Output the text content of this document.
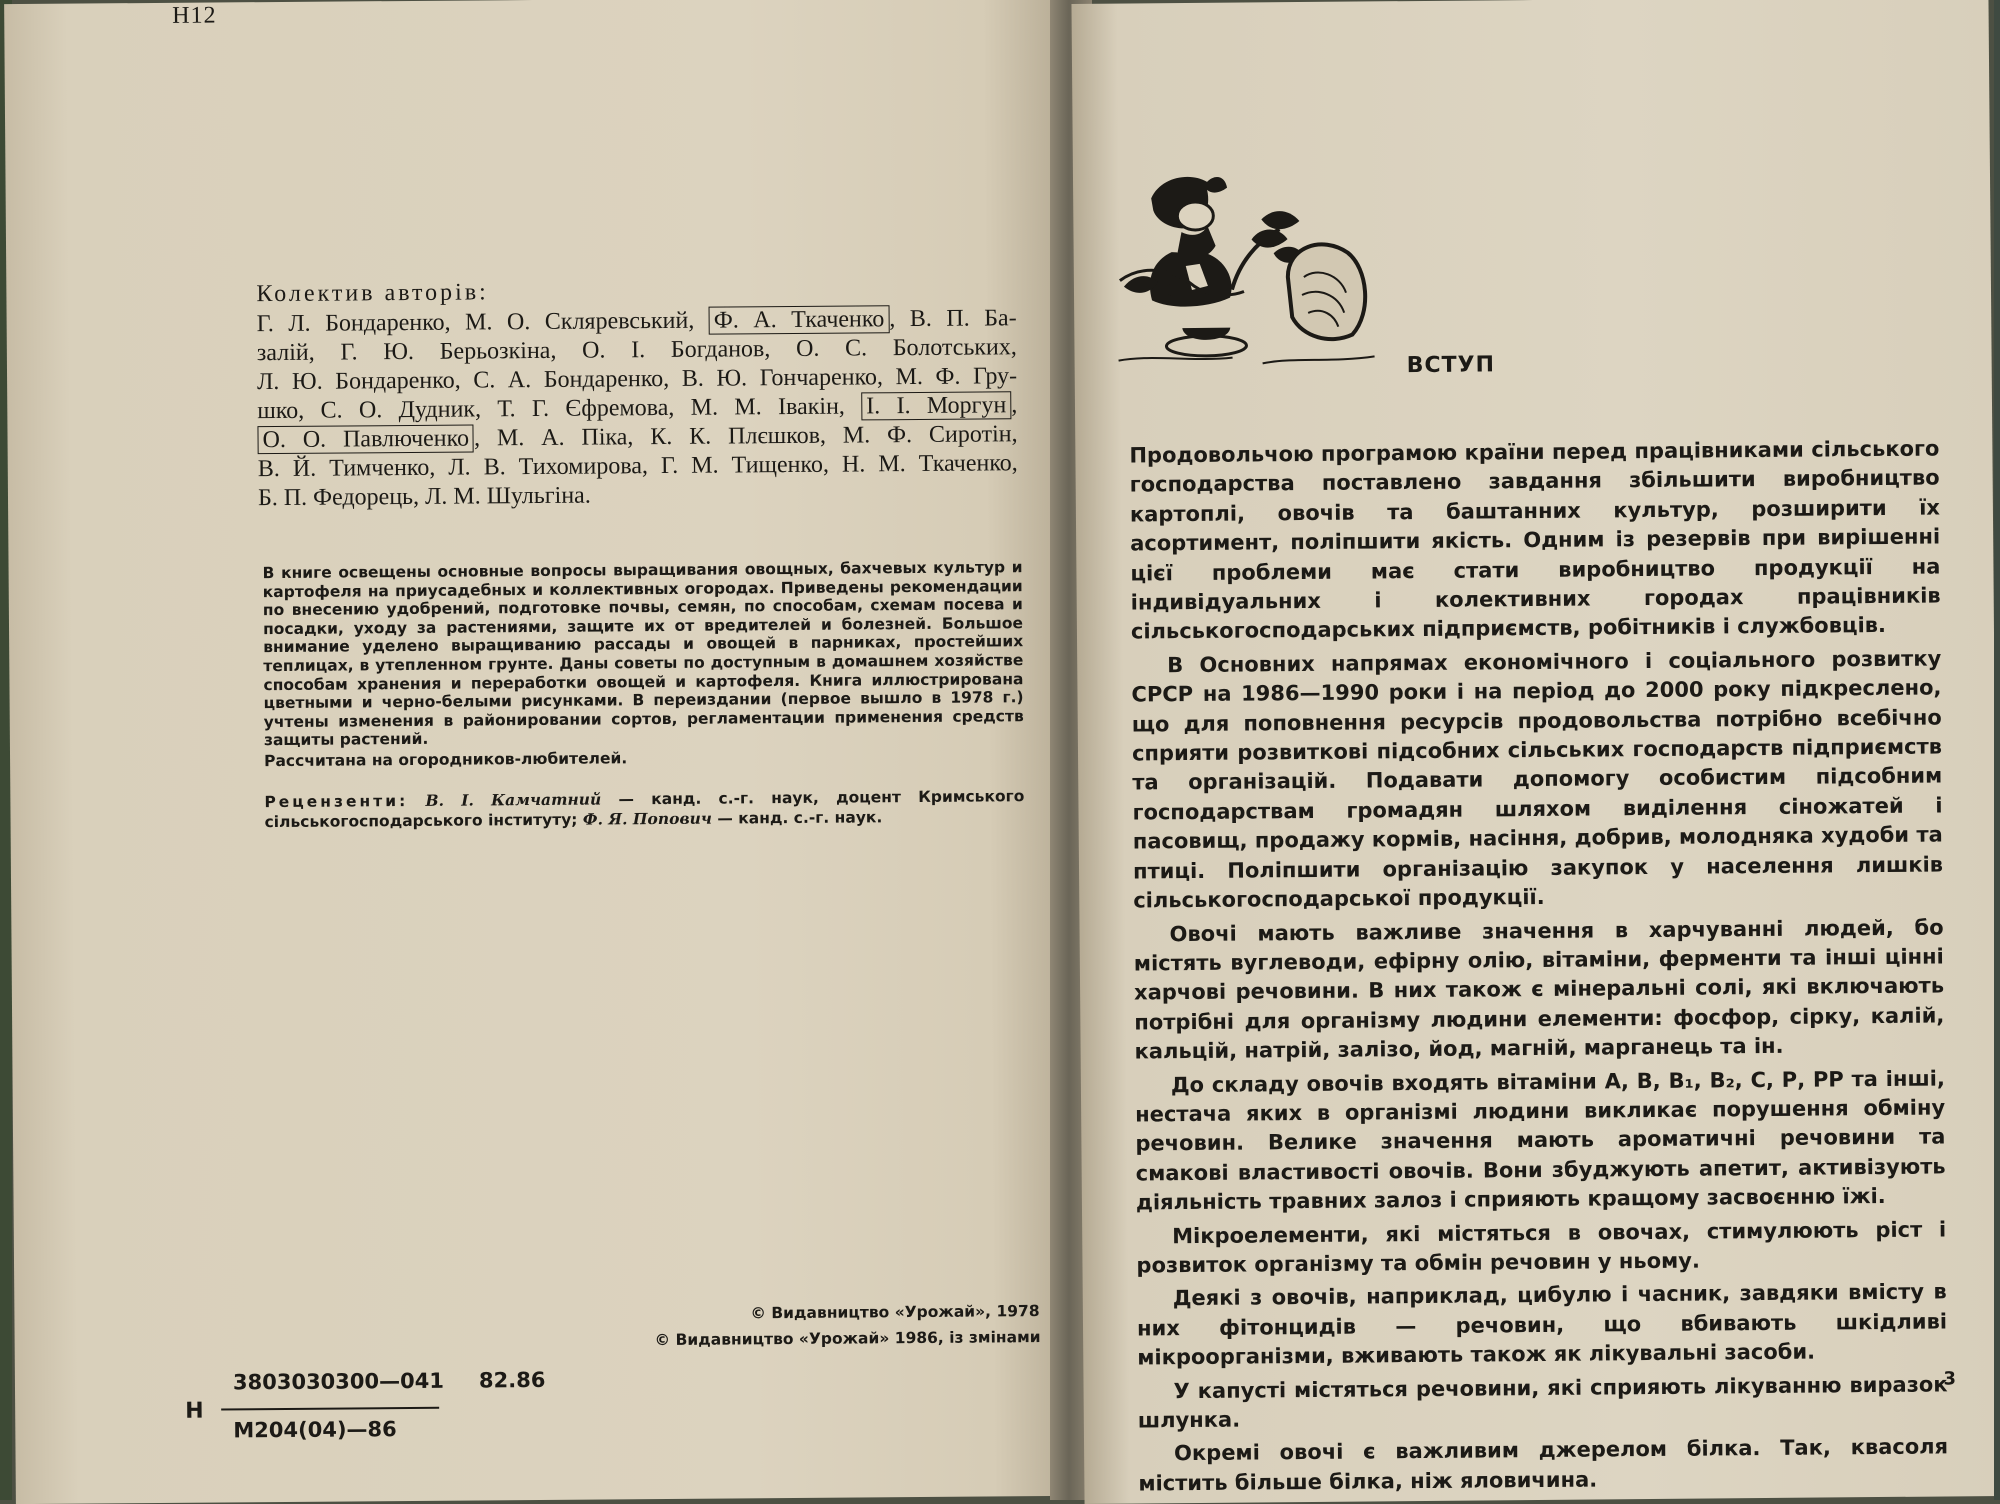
Н12
Колектив авторів:

Г. Л. Бондаренко, М. О. Скляревський, Ф. А. Ткаченко , В. П. Ба-

залій, Г. Ю. Берьозкіна, О. І. Богданов, О. С. Болотських,

Л. Ю. Бондаренко, С. А. Бондаренко, В. Ю. Гончаренко, М. Ф. Гру-

шко, С. О. Дудник, Т. Г. Єфремова, М. М. Івакін, І. І. Моргун ,

О. О. Павлюченко , М. А. Піка, К. К. Плєшков, М. Ф. Сиротін,

В. Й. Тимченко, Л. В. Тихомирова, Г. М. Тищенко, Н. М. Ткаченко,

Б. П. Федорець, Л. М. Шульгіна.

В книге освещены основные вопросы выращивания овощных, бахчевых культур и картофеля на приусадебных и коллективных огородах. Приведены рекомендации по внесению удобрений, подготовке почвы, семян, по способам, схемам посева и посадки, уходу за растениями, защите их от вредителей и болезней. Большое внимание уделено выращиванию рассады и овощей в парниках, простейших теплицах, в утепленном грунте. Даны советы по доступным в домашнем хозяйстве способам хранения и переработки овощей и картофеля. Книга иллюстрирована цветными и черно-белыми рисунками. В переиздании (первое вышло в 1978 г.) учтены изменения в районировании сортов, регламентации применения средств защиты растений.

Рассчитана на огородников-любителей.

Рецензенти: В. І. Камчатний — канд. с.-г. наук, доцент Кримського сільськогосподарського інституту; Ф. Я. Попович — канд. с.-г. наук.
© Видавництво «Урожай», 1978
© Видавництво «Урожай» 1986, із змінами
Н
3803030300—041
М204(04)—86
82.86
ВСТУП

Продовольчою програмою країни перед працівниками сільського господарства поставлено завдання збільшити виробництво картоплі, овочів та баштанних культур, розширити їх асортимент, поліпшити якість. Одним із резервів при вирішенні цієї проблеми має стати виробництво продукції на індивідуальних і колективних городах працівників сільськогосподарських підприємств, робітників і службовців.

В Основних напрямах економічного і соціального розвитку СРСР на 1986—1990 роки і на період до 2000 року підкреслено, що для поповнення ресурсів продовольства потрібно всебічно сприяти розвиткові підсобних сільських господарств підприємств та організацій. Подавати допомогу особистим підсобним господарствам громадян шляхом виділення сіножатей і пасовищ, продажу кормів, насіння, добрив, молодняка худоби та птиці. Поліпшити організацію закупок у населення лишків сільськогосподарської продукції.

Овочі мають важливе значення в харчуванні людей, бо містять вуглеводи, ефірну олію, вітаміни, ферменти та інші цінні харчові речовини. В них також є мінеральні солі, які включають потрібні для організму людини елементи: фосфор, сірку, калій, кальцій, натрій, залізо, йод, магній, марганець та ін.

До складу овочів входять вітаміни А, В, В₁, В₂, С, Р, РР та інші, нестача яких в організмі людини викликає порушення обміну речовин. Велике значення мають ароматичні речовини та смакові властивості овочів. Вони збуджують апетит, активізують діяльність травних залоз і сприяють кращому засвоєнню їжі.

Мікроелементи, які містяться в овочах, стимулюють ріст і розвиток організму та обмін речовин у ньому.

Деякі з овочів, наприклад, цибулю і часник, завдяки вмісту в них фітонцидів — речовин, що вбивають шкідливі мікроорганізми, вживають також як лікувальні засоби.

У капусті містяться речовини, які сприяють лікуванню виразок шлунка.

Окремі овочі є важливим джерелом білка. Так, квасоля містить більше білка, ніж яловичина.

3
